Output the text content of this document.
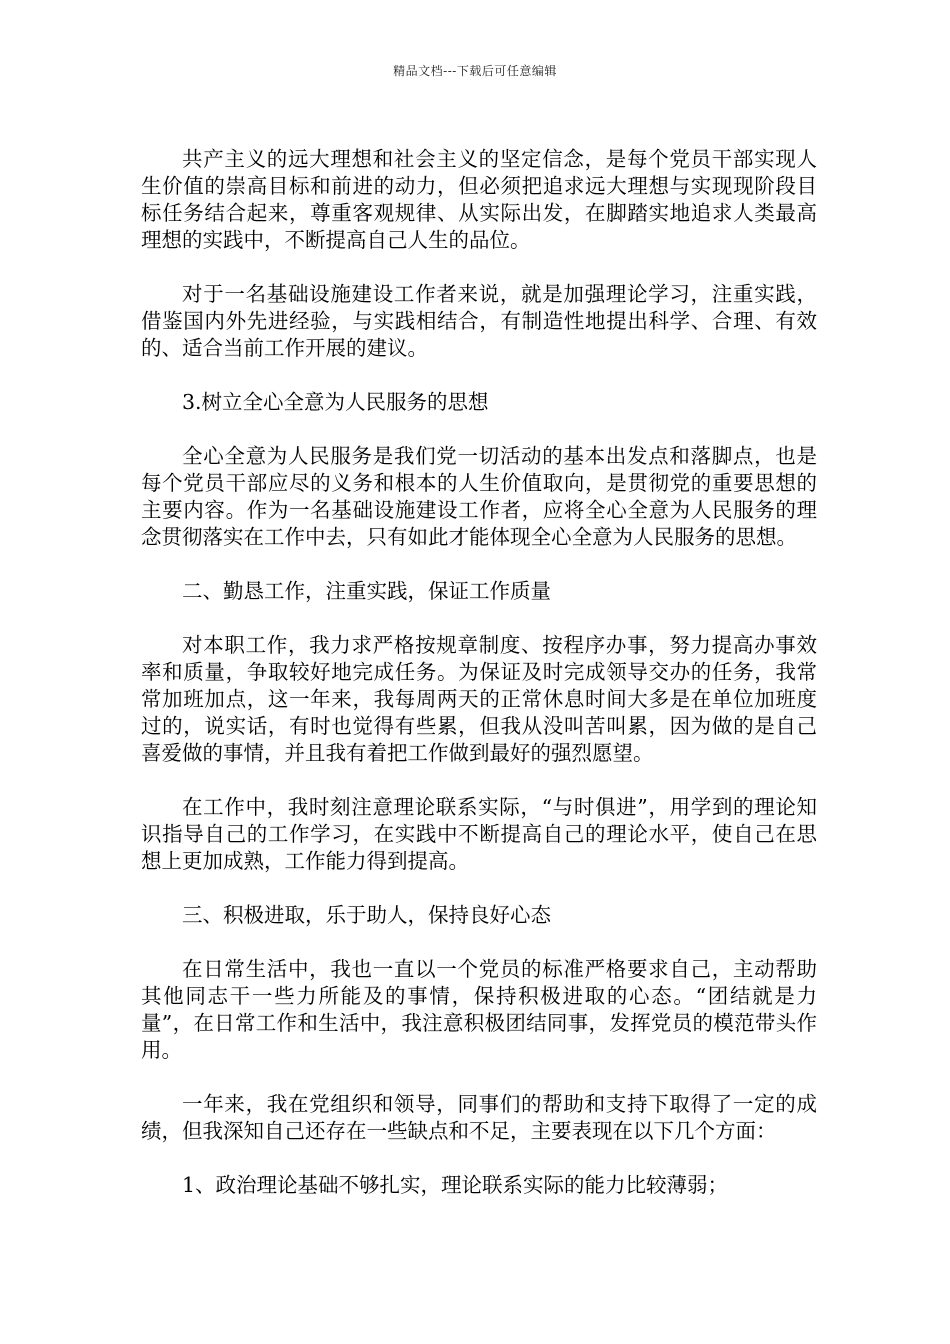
精品文档---下载后可任意编辑

共产主义的远大理想和社会主义的坚定信念，是每个党员干部实现人生价值的崇高目标和前进的动力，但必须把追求远大理想与实现现阶段目标任务结合起来，尊重客观规律、从实际出发，在脚踏实地追求人类最高理想的实践中，不断提高自己人生的品位。

对于一名基础设施建设工作者来说，就是加强理论学习，注重实践，借鉴国内外先进经验，与实践相结合，有制造性地提出科学、合理、有效的、适合当前工作开展的建议。

3.树立全心全意为人民服务的思想

全心全意为人民服务是我们党一切活动的基本出发点和落脚点，也是每个党员干部应尽的义务和根本的人生价值取向，是贯彻党的重要思想的主要内容。作为一名基础设施建设工作者，应将全心全意为人民服务的理念贯彻落实在工作中去，只有如此才能体现全心全意为人民服务的思想。

二、勤恳工作，注重实践，保证工作质量

对本职工作，我力求严格按规章制度、按程序办事，努力提高办事效率和质量，争取较好地完成任务。为保证及时完成领导交办的任务，我常常加班加点，这一年来，我每周两天的正常休息时间大多是在单位加班度过的，说实话，有时也觉得有些累，但我从没叫苦叫累，因为做的是自己喜爱做的事情，并且我有着把工作做到最好的强烈愿望。

在工作中，我时刻注意理论联系实际，“与时俱进”，用学到的理论知识指导自己的工作学习，在实践中不断提高自己的理论水平，使自己在思想上更加成熟，工作能力得到提高。

三、积极进取，乐于助人，保持良好心态

在日常生活中，我也一直以一个党员的标准严格要求自己，主动帮助其他同志干一些力所能及的事情，保持积极进取的心态。“团结就是力量”，在日常工作和生活中，我注意积极团结同事，发挥党员的模范带头作用。

一年来，我在党组织和领导，同事们的帮助和支持下取得了一定的成绩，但我深知自己还存在一些缺点和不足，主要表现在以下几个方面：

1、政治理论基础不够扎实，理论联系实际的能力比较薄弱；
